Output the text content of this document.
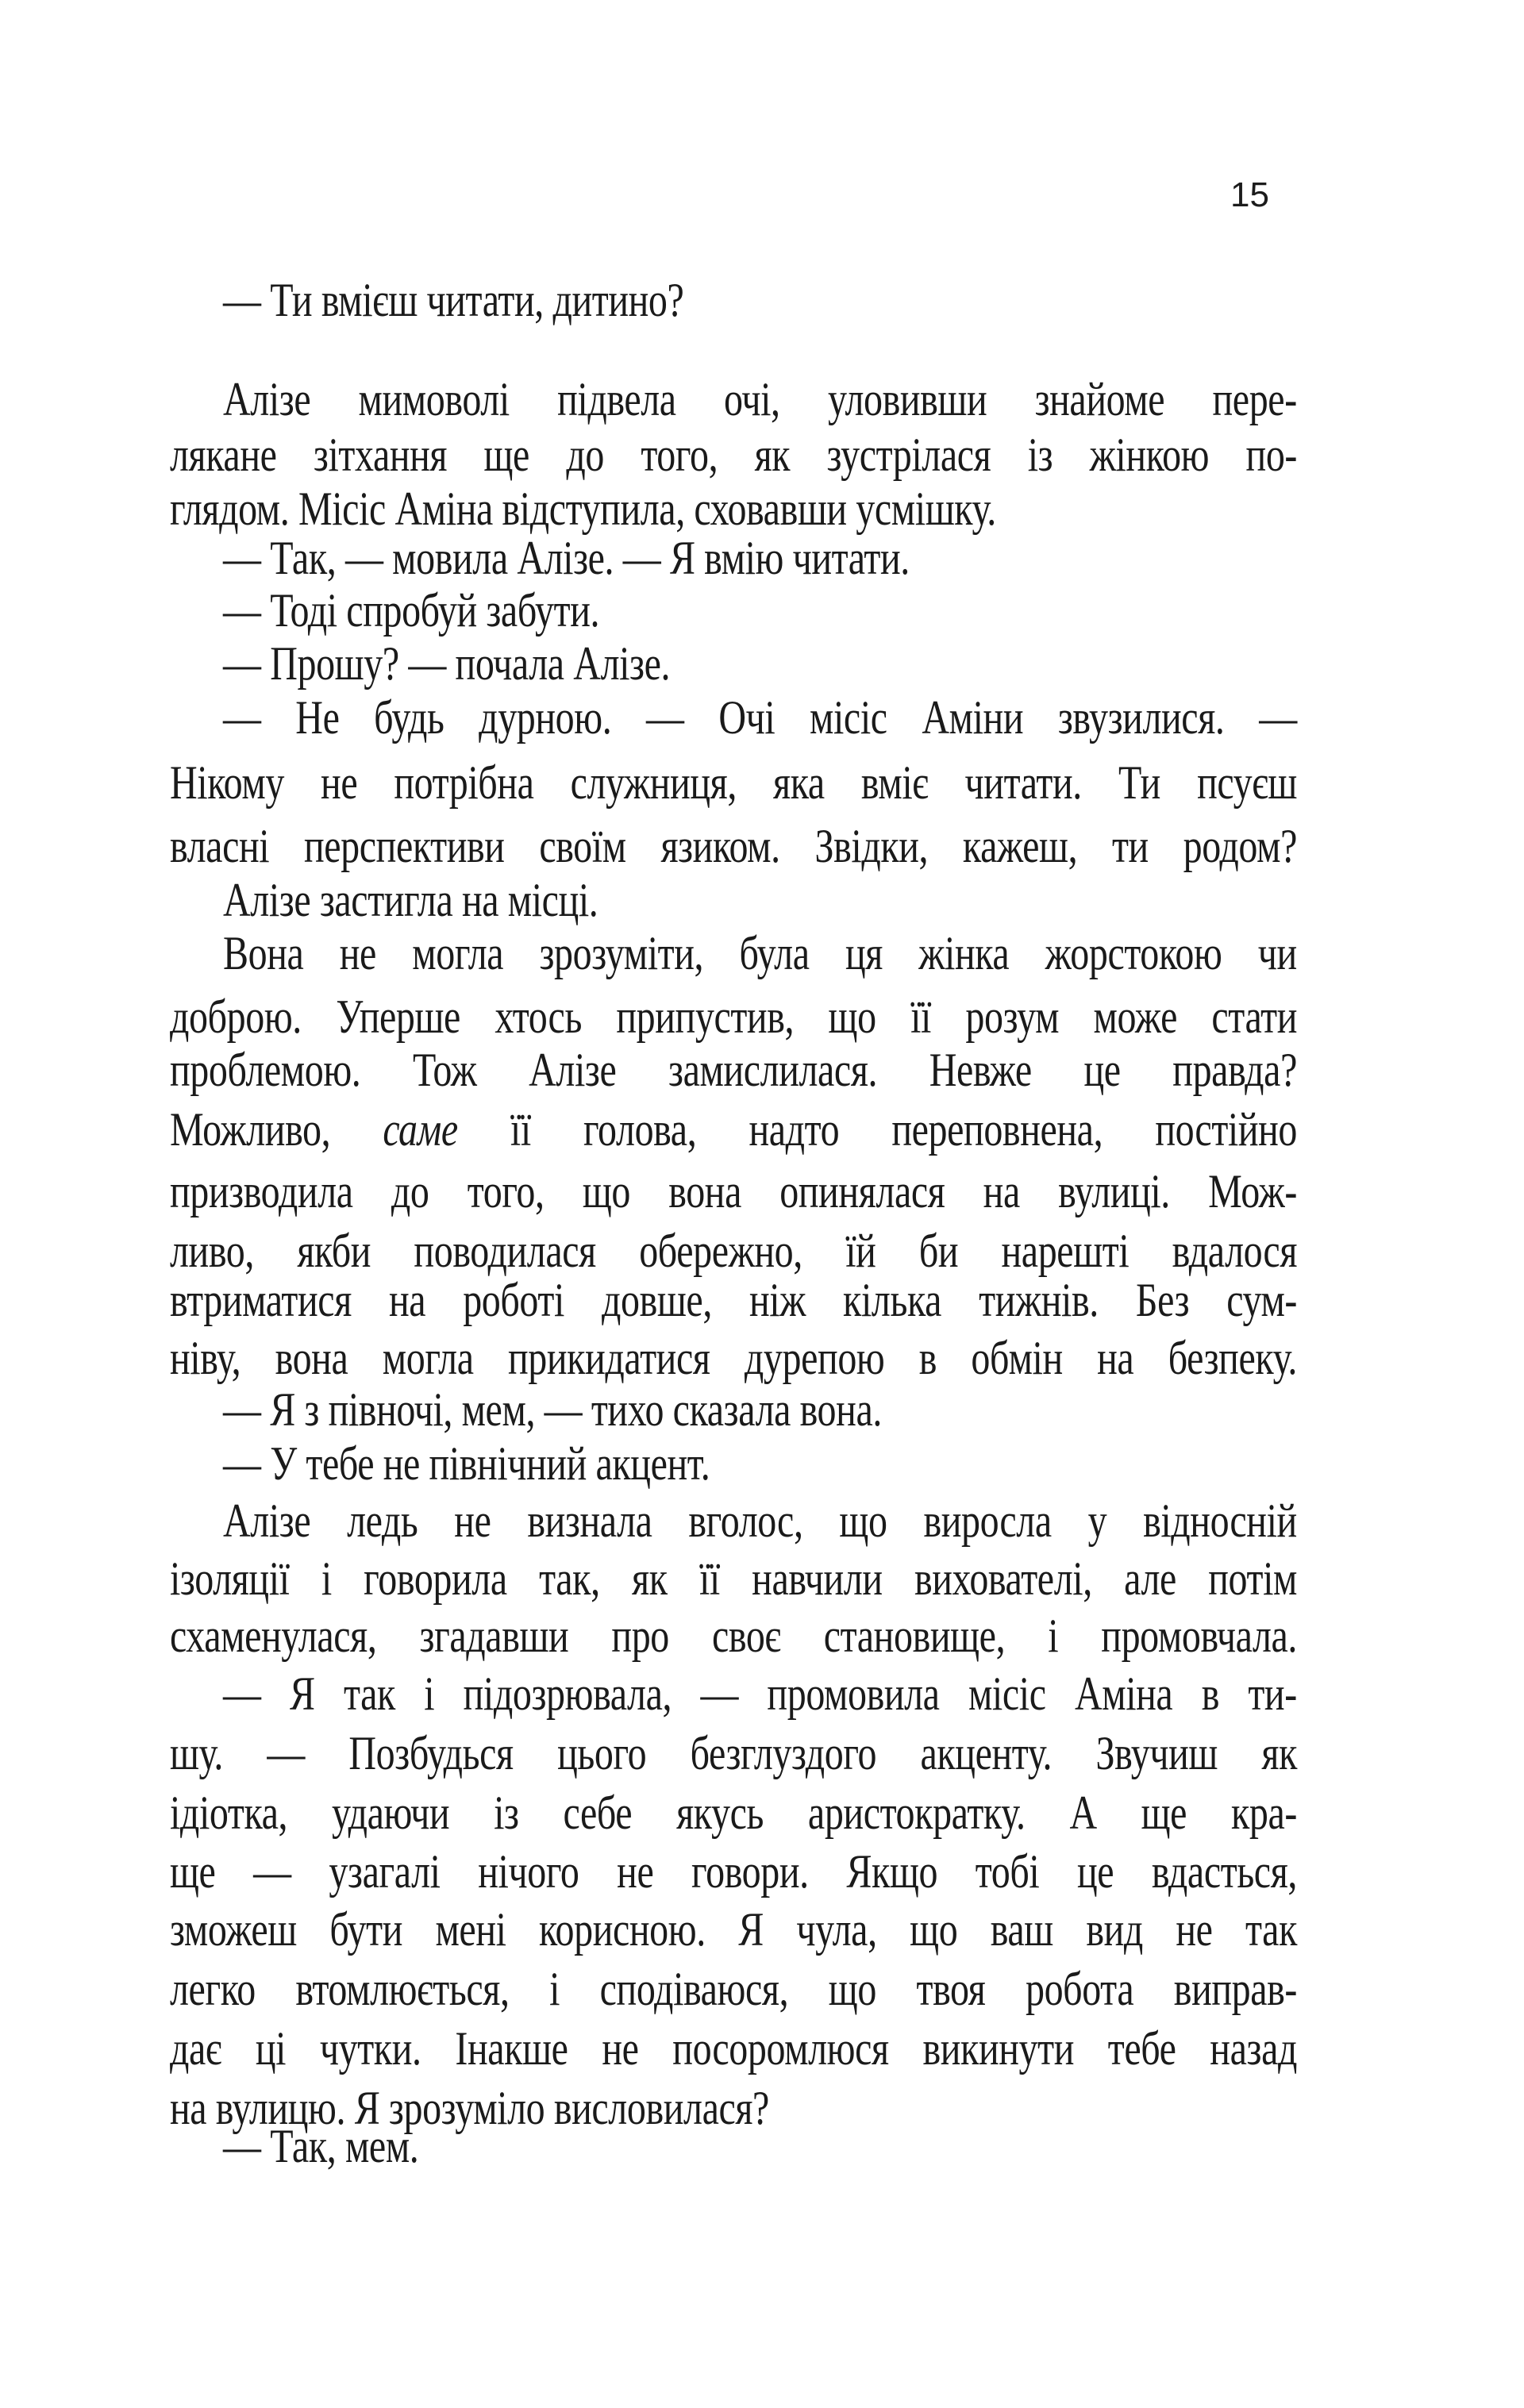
15
— Ти вмієш читати, дитино?
Алізе мимоволі підвела очі, уловивши знайоме пере-
лякане зітхання ще до того, як зустрілася із жінкою по-
глядом. Місіс Аміна відступила, сховавши усмішку.
— Так, — мовила Алізе. — Я вмію читати.
— Тоді спробуй забути.
— Прошу? — почала Алізе.
— Не будь дурною. — Очі місіс Аміни звузилися. —
Нікому не потрібна служниця, яка вміє читати. Ти псуєш
власні перспективи своїм язиком. Звідки, кажеш, ти родом?
Алізе застигла на місці.
Вона не могла зрозуміти, була ця жінка жорстокою чи
доброю. Уперше хтось припустив, що її розум може стати
проблемою. Тож Алізе замислилася. Невже це правда?
Можливо, саме її голова, надто переповнена, постійно
призводила до того, що вона опинялася на вулиці. Мож-
ливо, якби поводилася обережно, їй би нарешті вдалося
втриматися на роботі довше, ніж кілька тижнів. Без сум-
ніву, вона могла прикидатися дурепою в обмін на безпеку.
— Я з півночі, мем, — тихо сказала вона.
— У тебе не північний акцент.
Алізе ледь не визнала вголос, що виросла у відносній
ізоляції і говорила так, як її навчили вихователі, але потім
схаменулася, згадавши про своє становище, і промовчала.
— Я так і підозрювала, — промовила місіс Аміна в ти-
шу. — Позбудься цього безглуздого акценту. Звучиш як
ідіотка, удаючи із себе якусь аристократку. А ще кра-
ще — узагалі нічого не говори. Якщо тобі це вдасться,
зможеш бути мені корисною. Я чула, що ваш вид не так
легко втомлюється, і сподіваюся, що твоя робота виправ-
дає ці чутки. Інакше не посоромлюся викинути тебе назад
на вулицю. Я зрозуміло висловилася?
— Так, мем.
